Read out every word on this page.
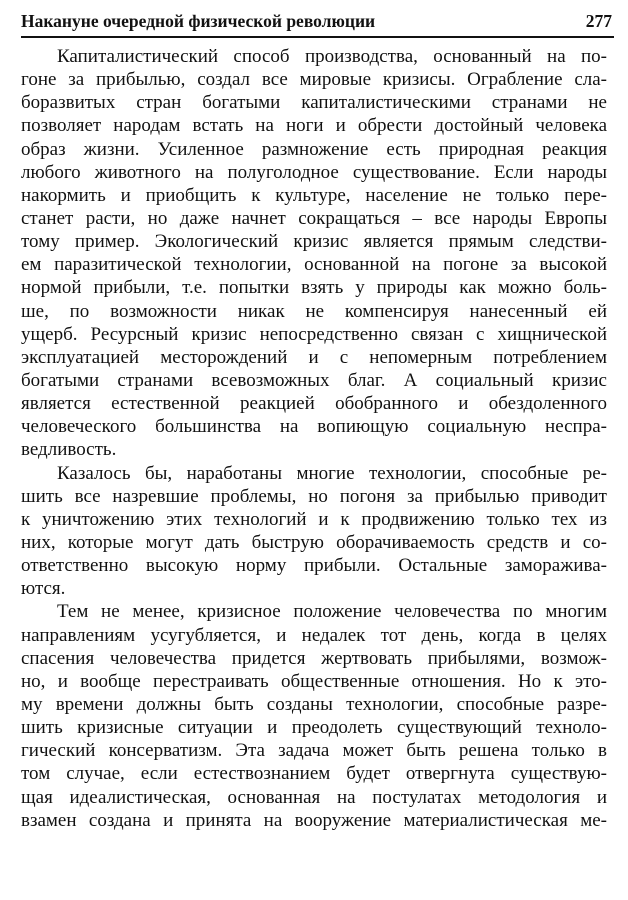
Накануне очередной физической революции	277
Капиталистический способ производства, основанный на по-
гоне за прибылью, создал все мировые кризисы. Ограбление сла-
боразвитых стран богатыми капиталистическими странами не
позволяет народам встать на ноги и обрести достойный человека
образ жизни. Усиленное размножение есть природная реакция
любого животного на полуголодное существование. Если народы
накормить и приобщить к культуре, население не только пере-
станет расти, но даже начнет сокращаться – все народы Европы
тому пример. Экологический кризис является прямым следстви-
ем паразитической технологии, основанной на погоне за высокой
нормой прибыли, т.е. попытки взять у природы как можно боль-
ше, по возможности никак не компенсируя нанесенный ей
ущерб. Ресурсный кризис непосредственно связан с хищнической
эксплуатацией месторождений и с непомерным потреблением
богатыми странами всевозможных благ. А социальный кризис
является естественной реакцией обобранного и обездоленного
человеческого большинства на вопиющую социальную неспра-
ведливость.
Казалось бы, наработаны многие технологии, способные ре-
шить все назревшие проблемы, но погоня за прибылью приводит
к уничтожению этих технологий и к продвижению только тех из
них, которые могут дать быструю оборачиваемость средств и со-
ответственно высокую норму прибыли. Остальные заморажива-
ются.
Тем не менее, кризисное положение человечества по многим
направлениям усугубляется, и недалек тот день, когда в целях
спасения человечества придется жертвовать прибылями, возмож-
но, и вообще перестраивать общественные отношения. Но к это-
му времени должны быть созданы технологии, способные разре-
шить кризисные ситуации и преодолеть существующий техноло-
гический консерватизм. Эта задача может быть решена только в
том случае, если естествознанием будет отвергнута существую-
щая идеалистическая, основанная на постулатах методология и
взамен создана и принята на вооружение материалистическая ме-
